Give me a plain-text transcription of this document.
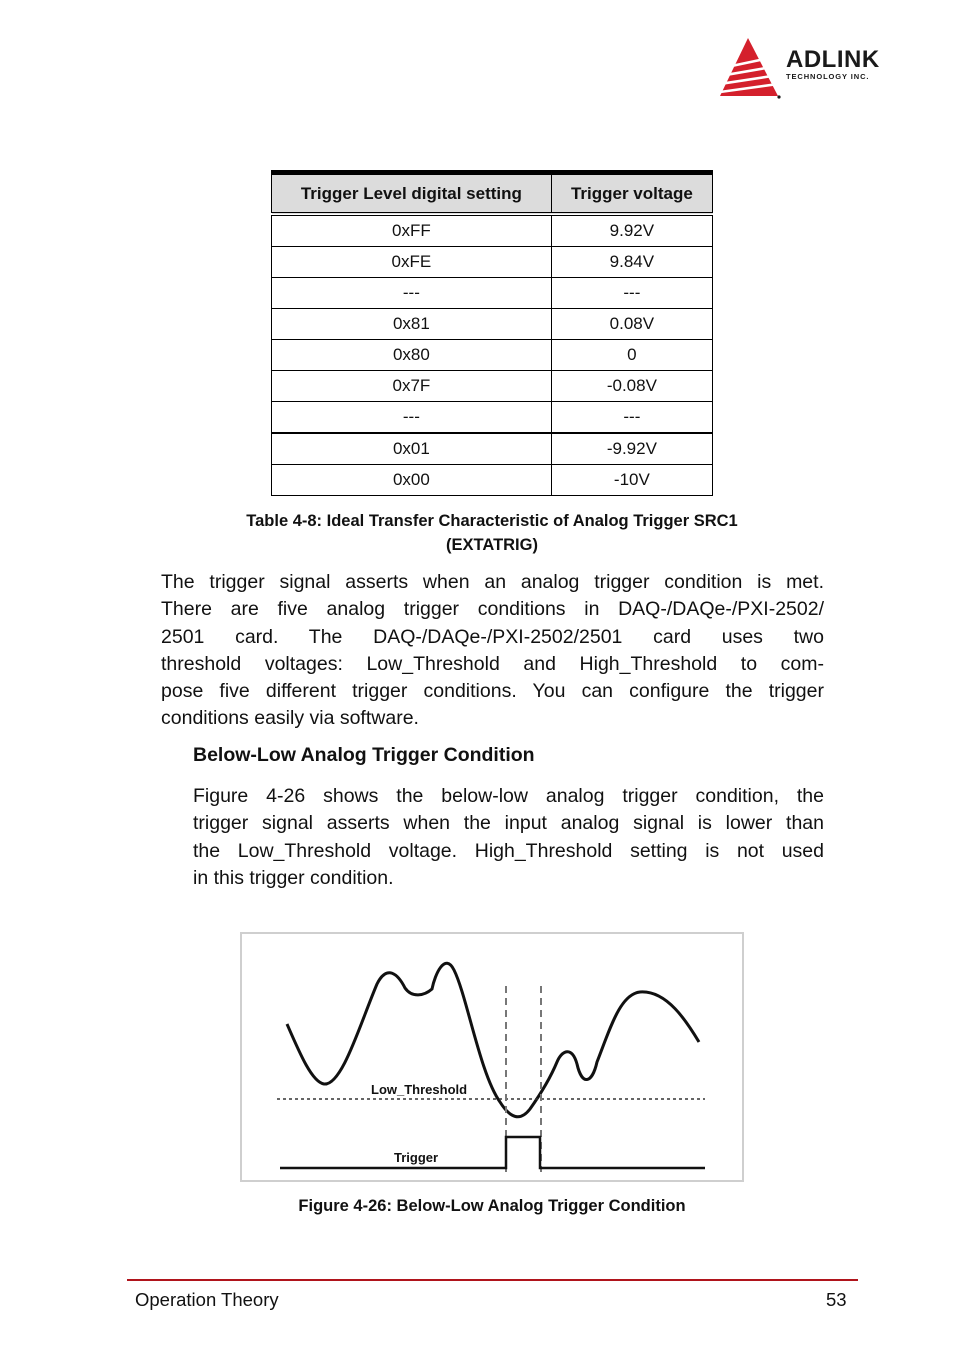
ADLINK
TECHNOLOGY INC.
Trigger Level digital setting	Trigger voltage
0xFF	9.92V
0xFE	9.84V
---	---
0x81	0.08V
0x80	0
0x7F	-0.08V
---	---
0x01	-9.92V
0x00	-10V
Table 4-8: Ideal Transfer Characteristic of Analog Trigger SRC1
(EXTATRIG)
The trigger signal asserts when an analog trigger condition is met.
There are five analog trigger conditions in DAQ-/DAQe-/PXI-2502/
2501 card. The DAQ-/DAQe-/PXI-2502/2501 card uses two
threshold voltages: Low_Threshold and High_Threshold to com-
pose five different trigger conditions. You can configure the trigger
conditions easily via software.
Below-Low Analog Trigger Condition
Figure 4-26 shows the below-low analog trigger condition, the
trigger signal asserts when the input analog signal is lower than
the Low_Threshold voltage. High_Threshold setting is not used
in this trigger condition.
Low_Threshold
Trigger
Figure 4-26: Below-Low Analog Trigger Condition
Operation Theory	53
